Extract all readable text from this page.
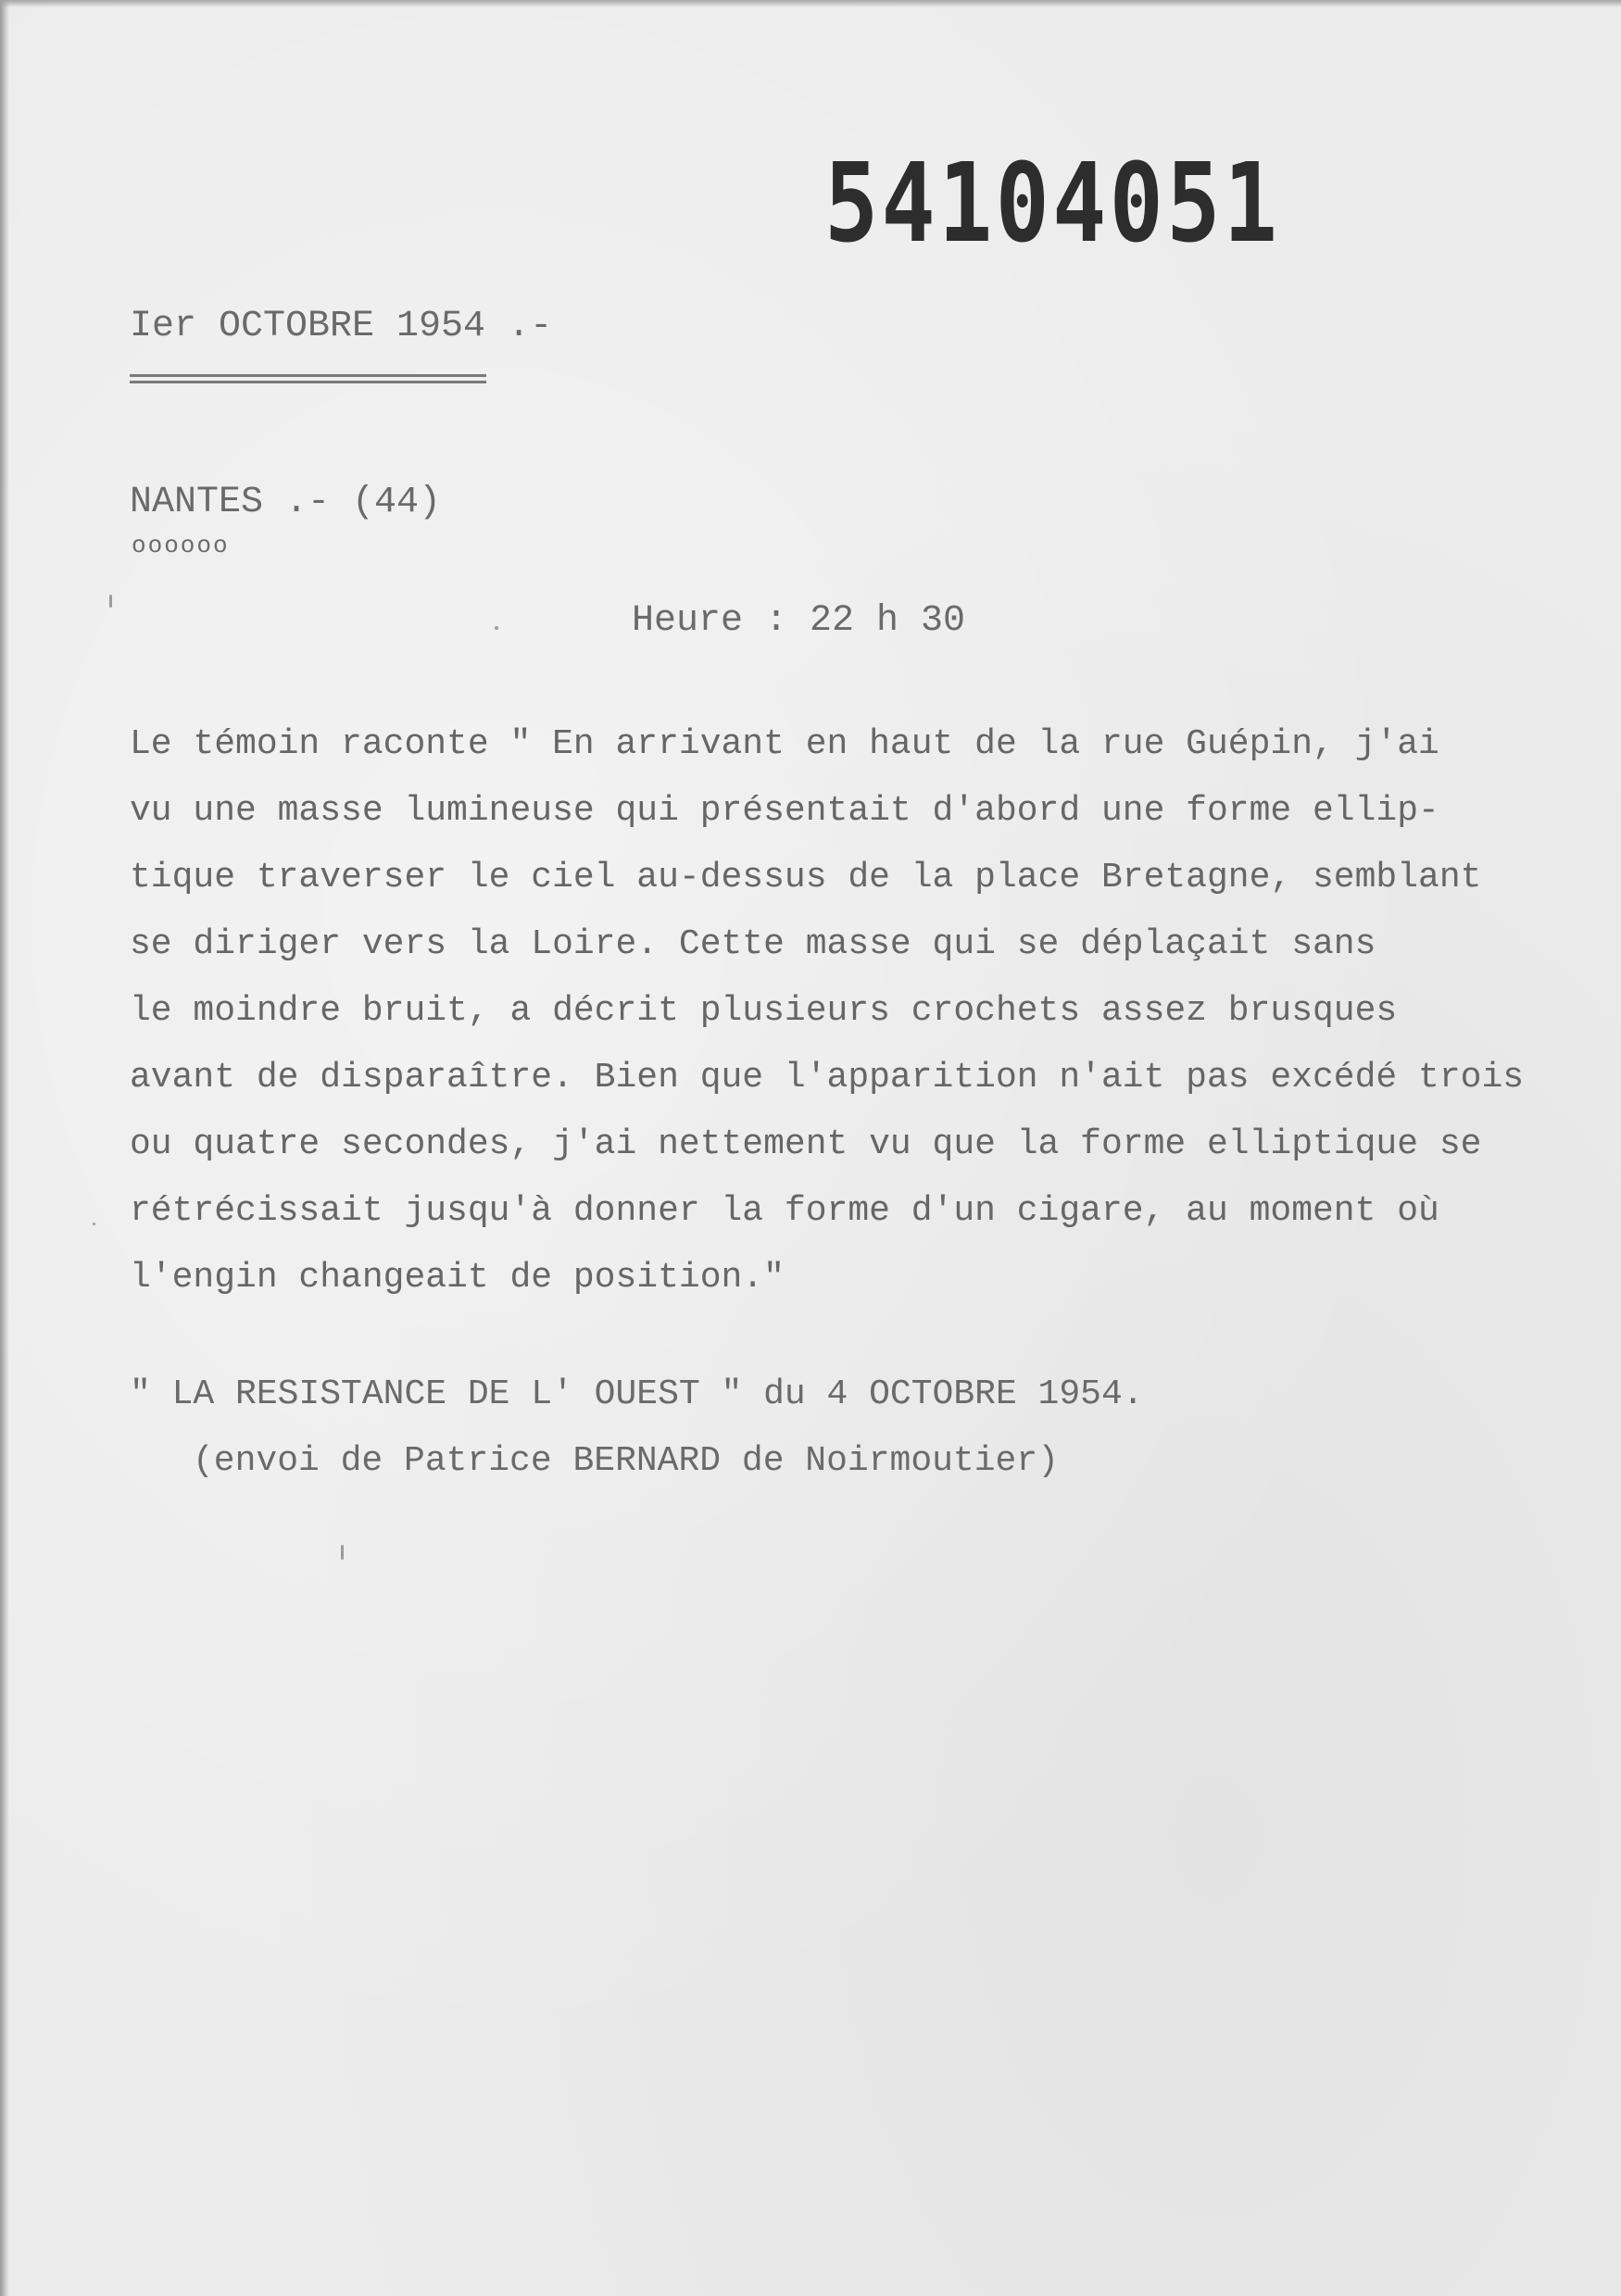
54104051
Ier OCTOBRE 1954 .-
NANTES .- (44)
oooooo
Heure : 22 h 30
Le témoin raconte " En arrivant en haut de la rue Guépin, j'ai
vu une masse lumineuse qui présentait d'abord une forme ellip-
tique traverser le ciel au-dessus de la place Bretagne, semblant
se diriger vers la Loire. Cette masse qui se déplaçait sans
le moindre bruit, a décrit plusieurs crochets assez brusques
avant de disparaître. Bien que l'apparition n'ait pas excédé trois
ou quatre secondes, j'ai nettement vu que la forme elliptique se
rétrécissait jusqu'à donner la forme d'un cigare, au moment où
l'engin changeait de position."
" LA RESISTANCE DE L' OUEST " du 4 OCTOBRE 1954.
(envoi de Patrice BERNARD de Noirmoutier)
